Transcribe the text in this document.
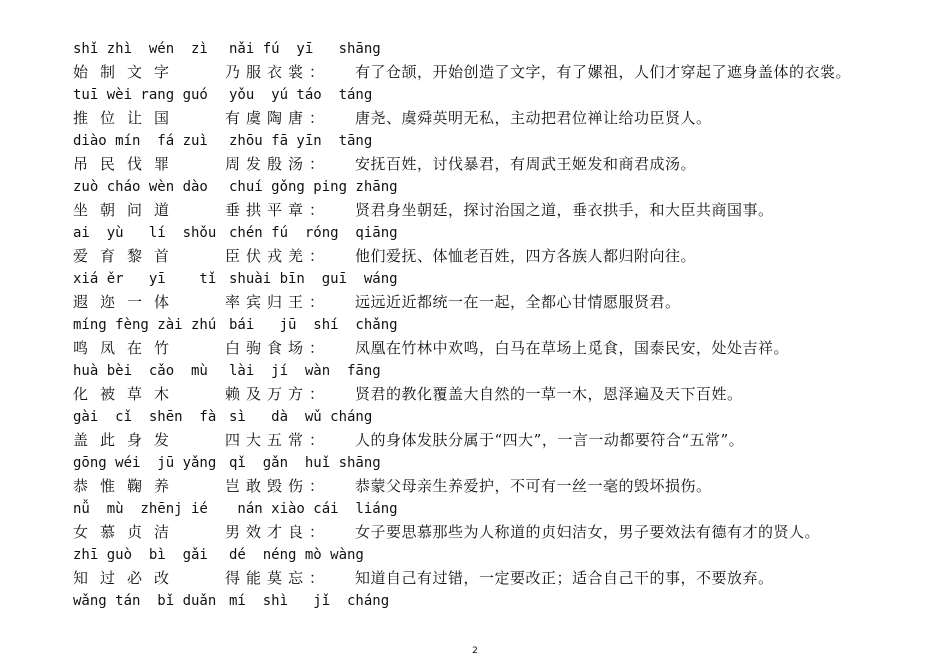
shǐ zhì  wén  zì nǎi fú  yī   shāng
始制文字	乃服衣裳： 有了仓颉，开始创造了文字，有了嫘祖，人们才穿起了遮身盖体的衣裳。
tuī wèi rang guó yǒu  yú táo  táng
推位让国	有虞陶唐： 唐尧、虞舜英明无私，主动把君位禅让给功臣贤人。
diào mín  fá zuì zhōu fā yīn  tāng
吊民伐罪	周发殷汤： 安抚百姓，讨伐暴君，有周武王姬发和商君成汤。
zuò cháo wèn dào chuí gǒng ping zhāng
坐朝问道	垂拱平章： 贤君身坐朝廷，探讨治国之道，垂衣拱手，和大臣共商国事。
ai  yù   lí  shǒu chén fú  róng  qiāng
爱育黎首	臣伏戎羌： 他们爱抚、体恤老百姓，四方各族人都归附向往。
xiá ěr   yī    tǐ shuài bīn  guī  wáng
遐迩一体	率宾归王： 远远近近都统一在一起，全都心甘情愿服贤君。
míng fèng zài zhú bái   jū  shí  chǎng
鸣凤在竹	白驹食场： 凤凰在竹林中欢鸣，白马在草场上觅食，国泰民安，处处吉祥。
huà bèi  cǎo  mù lài  jí  wàn  fāng
化被草木	赖及万方： 贤君的教化覆盖大自然的一草一木，恩泽遍及天下百姓。
gài  cǐ  shēn  fà sì   dà  wǔ cháng
盖此身发	四大五常： 人的身体发肤分属于“四大”，一言一动都要符合“五常”。
gōng wéi  jū yǎng qǐ  gǎn  huǐ shāng
恭惟鞠养	岂敢毁伤： 恭蒙父母亲生养爱护，不可有一丝一毫的毁坏损伤。
nǚ  mù  zhēnj ié nán xiào cái  liáng
女慕贞洁	男效才良： 女子要思慕那些为人称道的贞妇洁女，男子要效法有德有才的贤人。
zhī guò  bì  gǎi dé  néng mò wàng
知过必改	得能莫忘： 知道自己有过错，一定要改正；适合自己干的事，不要放弃。
wǎng tán  bǐ duǎn mí  shì   jǐ  cháng
2
